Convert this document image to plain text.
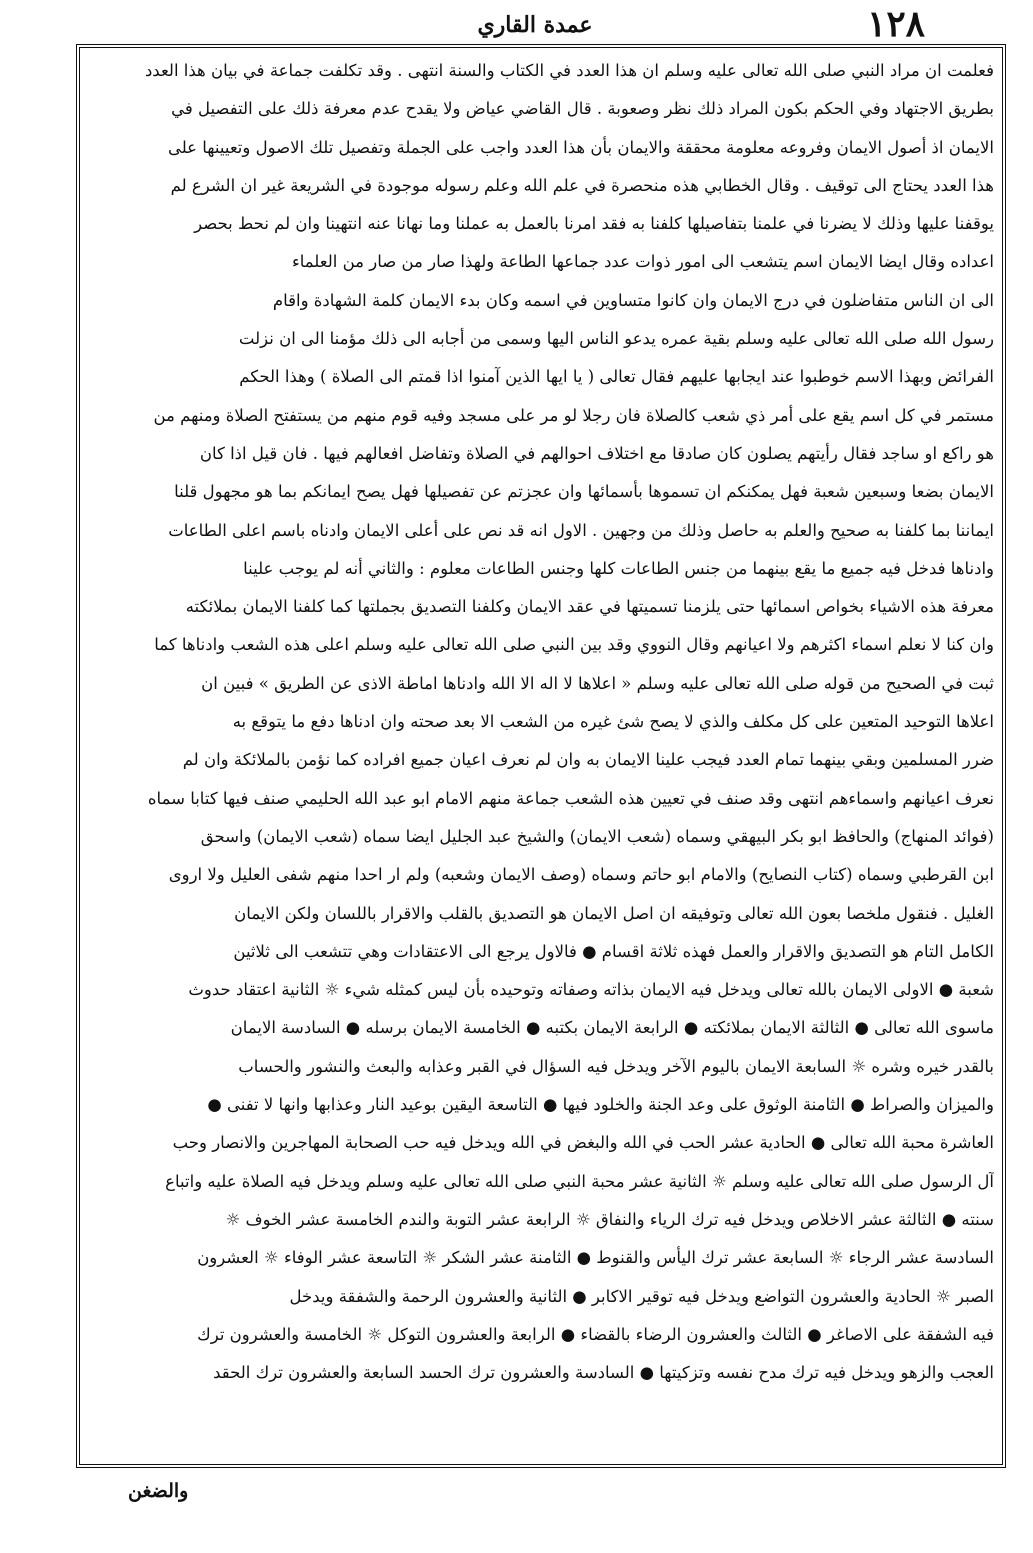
١٢٨
عمدة القاري
فعلمت ان مراد النبي صلى الله تعالى عليه وسلم ان هذا العدد في الكتاب والسنة انتهى . وقد تكلفت جماعة في بيان هذا العدد
بطريق الاجتهاد وفي الحكم بكون المراد ذلك نظر وصعوبة . قال القاضي عياض ولا يقدح عدم معرفة ذلك على التفصيل في
الايمان اذ أصول الايمان وفروعه معلومة محققة والايمان بأن هذا العدد واجب على الجملة وتفصيل تلك الاصول وتعيينها على
هذا العدد يحتاج الى توقيف . وقال الخطابي هذه منحصرة في علم الله وعلم رسوله موجودة في الشريعة غير ان الشرع لم
يوقفنا عليها وذلك لا يضرنا في علمنا بتفاصيلها كلفنا به فقد امرنا بالعمل به عملنا وما نهانا عنه انتهينا وان لم نحط بحصر
اعداده وقال ايضا الايمان اسم يتشعب الى امور ذوات عدد جماعها الطاعة ولهذا صار من صار من العلماء
الى ان الناس متفاضلون في درج الايمان وان كانوا متساوين في اسمه وكان بدء الايمان كلمة الشهادة واقام
رسول الله صلى الله تعالى عليه وسلم بقية عمره يدعو الناس اليها وسمى من أجابه الى ذلك مؤمنا الى ان نزلت
الفرائض وبهذا الاسم خوطبوا عند ايجابها عليهم فقال تعالى ( يا ايها الذين آمنوا اذا قمتم الى الصلاة ) وهذا الحكم
مستمر في كل اسم يقع على أمر ذي شعب كالصلاة فان رجلا لو مر على مسجد وفيه قوم منهم من يستفتح الصلاة ومنهم من
هو راكع او ساجد فقال رأيتهم يصلون كان صادقا مع اختلاف احوالهم في الصلاة وتفاضل افعالهم فيها . فان قيل اذا كان
الايمان بضعا وسبعين شعبة فهل يمكنكم ان تسموها بأسمائها وان عجزتم عن تفصيلها فهل يصح ايمانكم بما هو مجهول قلنا
ايماننا بما كلفنا به صحيح والعلم به حاصل وذلك من وجهين . الاول انه قد نص على أعلى الايمان وادناه باسم اعلى الطاعات
وادناها فدخل فيه جميع ما يقع بينهما من جنس الطاعات كلها وجنس الطاعات معلوم : والثاني أنه لم يوجب علينا
معرفة هذه الاشياء بخواص اسمائها حتى يلزمنا تسميتها في عقد الايمان وكلفنا التصديق بجملتها كما كلفنا الايمان بملائكته
وان كنا لا نعلم اسماء اكثرهم ولا اعيانهم وقال النووي وقد بين النبي صلى الله تعالى عليه وسلم اعلى هذه الشعب وادناها كما
ثبت في الصحيح من قوله صلى الله تعالى عليه وسلم « اعلاها لا اله الا الله وادناها اماطة الاذى عن الطريق » فبين ان
اعلاها التوحيد المتعين على كل مكلف والذي لا يصح شئ غيره من الشعب الا بعد صحته وان ادناها دفع ما يتوقع به
ضرر المسلمين وبقي بينهما تمام العدد فيجب علينا الايمان به وان لم نعرف اعيان جميع افراده كما نؤمن بالملائكة وان لم
نعرف اعيانهم واسماءهم انتهى وقد صنف في تعيين هذه الشعب جماعة منهم الامام ابو عبد الله الحليمي صنف فيها كتابا سماه
(فوائد المنهاج) والحافظ ابو بكر البيهقي وسماه (شعب الايمان) والشيخ عبد الجليل ايضا سماه (شعب الايمان) واسحق
ابن القرطبي وسماه (كتاب النصايح) والامام ابو حاتم وسماه (وصف الايمان وشعبه) ولم ار احدا منهم شفى العليل ولا اروى
الغليل . فنقول ملخصا بعون الله تعالى وتوفيقه ان اصل الايمان هو التصديق بالقلب والاقرار باللسان ولكن الايمان
الكامل التام هو التصديق والاقرار والعمل فهذه ثلاثة اقسام ● فالاول يرجع الى الاعتقادات وهي تتشعب الى ثلاثين
شعبة ● الاولى الايمان بالله تعالى ويدخل فيه الايمان بذاته وصفاته وتوحيده بأن ليس كمثله شيء ☼ الثانية اعتقاد حدوث
ماسوى الله تعالى ● الثالثة الايمان بملائكته ● الرابعة الايمان بكتبه ● الخامسة الايمان برسله ● السادسة الايمان
بالقدر خيره وشره ☼ السابعة الايمان باليوم الآخر ويدخل فيه السؤال في القبر وعذابه والبعث والنشور والحساب
والميزان والصراط ● الثامنة الوثوق على وعد الجنة والخلود فيها ● التاسعة اليقين بوعيد النار وعذابها وانها لا تفنى ●
العاشرة محبة الله تعالى ● الحادية عشر الحب في الله والبغض في الله ويدخل فيه حب الصحابة المهاجرين والانصار وحب
آل الرسول صلى الله تعالى عليه وسلم ☼ الثانية عشر محبة النبي صلى الله تعالى عليه وسلم ويدخل فيه الصلاة عليه واتباع
سنته ● الثالثة عشر الاخلاص ويدخل فيه ترك الرياء والنفاق ☼ الرابعة عشر التوبة والندم الخامسة عشر الخوف ☼
السادسة عشر الرجاء ☼ السابعة عشر ترك اليأس والقنوط ● الثامنة عشر الشكر ☼ التاسعة عشر الوفاء ☼ العشرون
الصبر ☼ الحادية والعشرون التواضع ويدخل فيه توقير الاكابر ● الثانية والعشرون الرحمة والشفقة ويدخل
فيه الشفقة على الاصاغر ● الثالث والعشرون الرضاء بالقضاء ● الرابعة والعشرون التوكل ☼ الخامسة والعشرون ترك
العجب والزهو ويدخل فيه ترك مدح نفسه وتزكيتها ● السادسة والعشرون ترك الحسد السابعة والعشرون ترك الحقد
والضغن
